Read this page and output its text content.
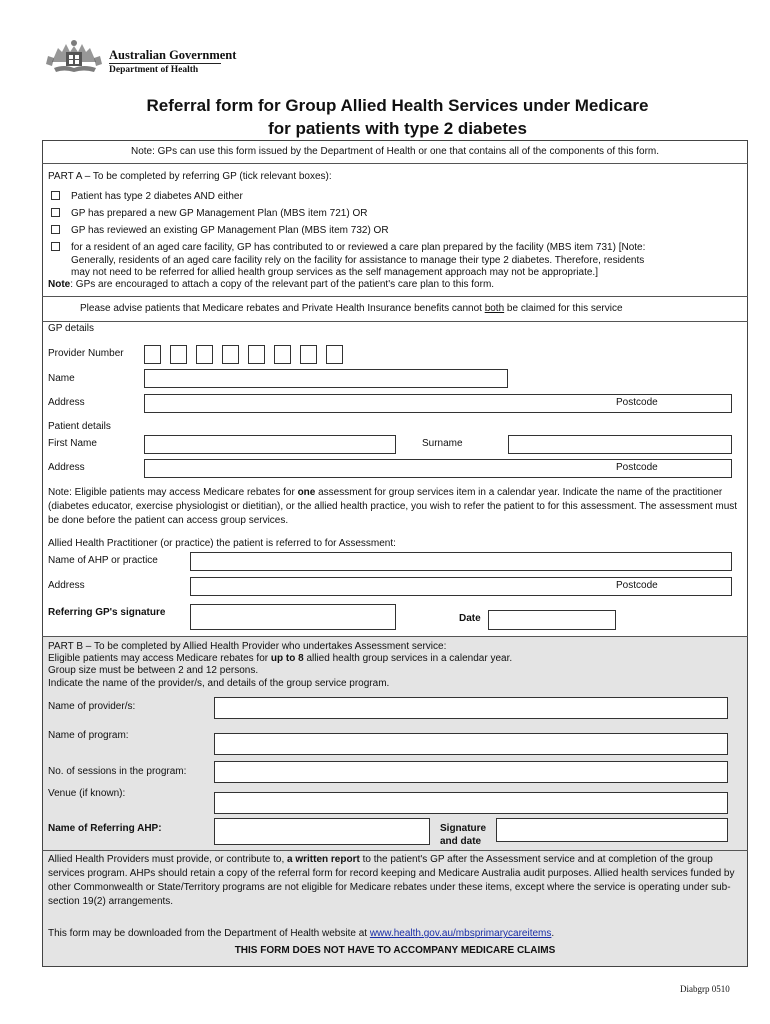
Australian Government
Department of Health
Referral form for Group Allied Health Services under Medicare
for patients with type 2 diabetes
Note: GPs can use this form issued by the Department of Health or one that contains all of the components of this form.
PART A – To be completed by referring GP (tick relevant boxes):
Patient has type 2 diabetes AND either
GP has prepared a new GP Management Plan (MBS item 721) OR
GP has reviewed an existing GP Management Plan (MBS item 732) OR
for a resident of an aged care facility, GP has contributed to or reviewed a care plan prepared by the facility (MBS item 731) [Note:
Generally, residents of an aged care facility rely on the facility for assistance to manage their type 2 diabetes. Therefore, residents
may not need to be referred for allied health group services as the self management approach may not be appropriate.]
Note: GPs are encouraged to attach a copy of the relevant part of the patient's care plan to this form.
Please advise patients that Medicare rebates and Private Health Insurance benefits cannot both be claimed for this service
GP details
Provider Number
Name
Address	Postcode
Patient details
First Name	Surname
Address	Postcode
Note: Eligible patients may access Medicare rebates for one assessment for group services item in a calendar year. Indicate the name of the practitioner (diabetes educator, exercise physiologist or dietitian), or the allied health practice, you wish to refer the patient to for this assessment. The assessment must be done before the patient can access group services.
Allied Health Practitioner (or practice) the patient is referred to for Assessment:
Name of AHP or practice
Address	Postcode
Referring GP's signature
Date
PART B – To be completed by Allied Health Provider who undertakes Assessment service:
Eligible patients may access Medicare rebates for up to 8 allied health group services in a calendar year.
Group size must be between 2 and 12 persons.
Indicate the name of the provider/s, and details of the group service program.
Name of provider/s:
Name of program:
No. of sessions in the program:
Venue (if known):
Name of Referring AHP:	Signature
and date
Allied Health Providers must provide, or contribute to, a written report to the patient's GP after the Assessment service and at completion of the group services program. AHPs should retain a copy of the referral form for record keeping and Medicare Australia audit purposes. Allied health services funded by other Commonwealth or State/Territory programs are not eligible for Medicare rebates under these items, except where the service is operating under sub-section 19(2) arrangements.
This form may be downloaded from the Department of Health website at www.health.gov.au/mbsprimarycareitems.
THIS FORM DOES NOT HAVE TO ACCOMPANY MEDICARE CLAIMS
Diabgrp 0510
